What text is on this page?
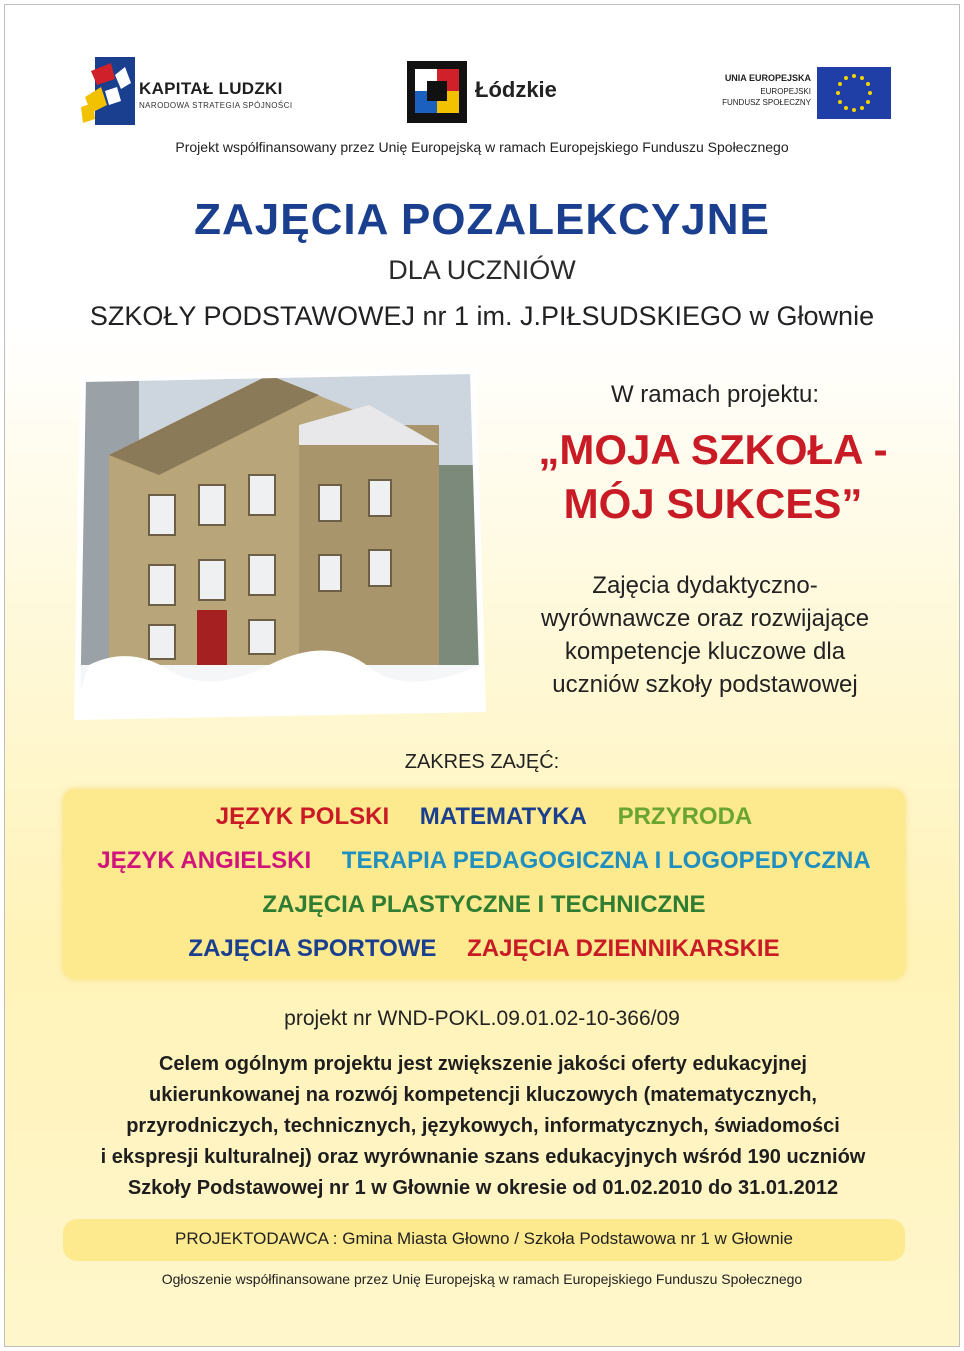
KAPITAŁ LUDZKI
NARODOWA STRATEGIA SPÓJNOŚCI
Łódzkie	UNIA EUROPEJSKA
EUROPEJSKI
FUNDUSZ SPOŁECZNY
Projekt współfinansowany przez Unię Europejską w ramach Europejskiego Funduszu Społecznego
ZAJĘCIA POZALEKCYJNE
DLA UCZNIÓW
SZKOŁY PODSTAWOWEJ nr 1 im. J.PIŁSUDSKIEGO w Głownie
W ramach projektu:
„MOJA SZKOŁA -
MÓJ SUKCES”
Zajęcia dydaktyczno-
wyrównawcze oraz rozwijające
kompetencje kluczowe dla
uczniów szkoły podstawowej
ZAKRES ZAJĘĆ:
JĘZYK POLSKI MATEMATYKA PRZYRODA
JĘZYK ANGIELSKI TERAPIA PEDAGOGICZNA I LOGOPEDYCZNA
ZAJĘCIA PLASTYCZNE I TECHNICZNE
ZAJĘCIA SPORTOWE ZAJĘCIA DZIENNIKARSKIE
projekt nr WND-POKL.09.01.02-10-366/09
Celem ogólnym projektu jest zwiększenie jakości oferty edukacyjnej
ukierunkowanej na rozwój kompetencji kluczowych (matematycznych,
przyrodniczych, technicznych, językowych, informatycznych, świadomości
i ekspresji kulturalnej) oraz wyrównanie szans edukacyjnych wśród 190 uczniów
Szkoły Podstawowej nr 1 w Głownie w okresie od 01.02.2010 do 31.01.2012
PROJEKTODAWCA : Gmina Miasta Głowno / Szkoła Podstawowa nr 1 w Głownie
Ogłoszenie współfinansowane przez Unię Europejską w ramach Europejskiego Funduszu Społecznego
